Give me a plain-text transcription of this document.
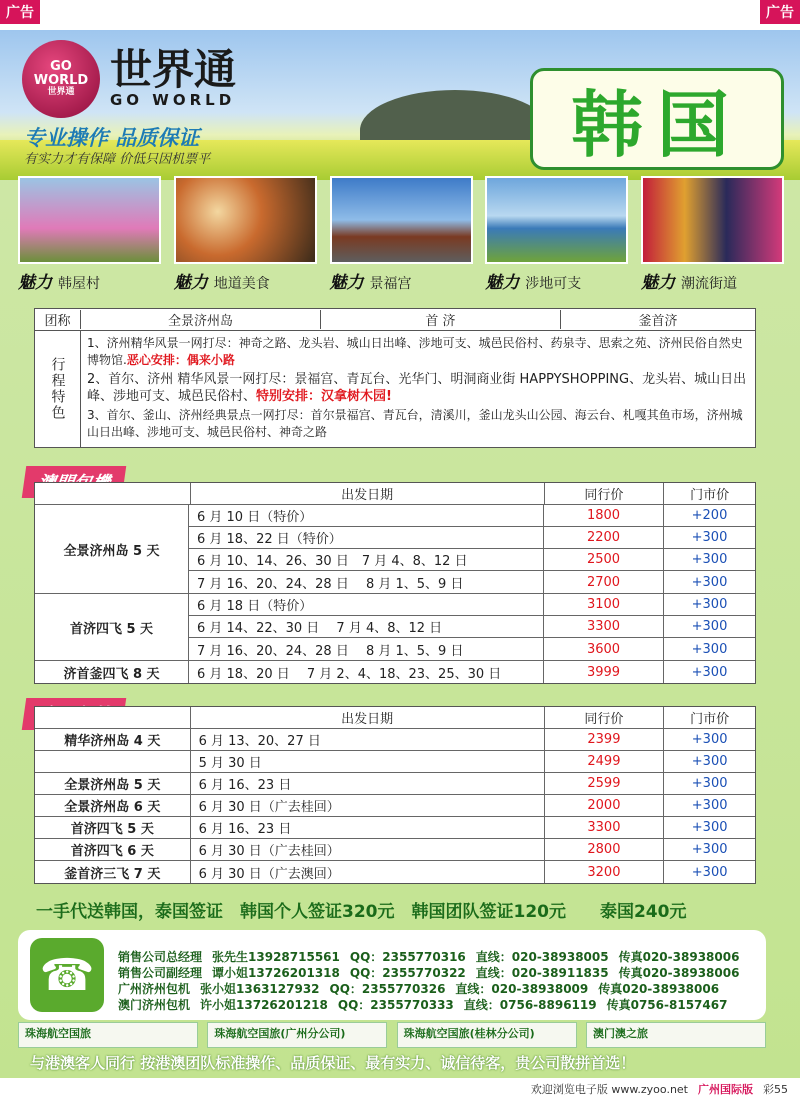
广告	广告
GO
WORLD
世界通 世界通
GO WORLD	韩国
专业操作 品质保证
有实力才有保障 价低只因机票平
魅力 韩屋村	魅力 地道美食	魅力 景福宫	魅力 涉地可支	魅力 潮流街道
团称	全景济州岛	首 济	釜首济
行程特色

1、济州精华风景一网打尽：神奇之路、龙头岩、城山日出峰、涉地可支、城邑民俗村、药泉寺、思索之苑、济州民俗自然史博物馆.恶心安排：偶来小路

2、首尔、济州 精华风景一网打尽：景福宫、青瓦台、光华门、明洞商业街 HAPPYSHOPPING、龙头岩、城山日出峰、涉地可支、城邑民俗村、特别安排：汉拿树木园!

3、首尔、釜山、济州经典景点一网打尽：首尔景福宫、青瓦台，清溪川，釜山龙头山公园、海云台、札嘎其鱼市场，济州城山日出峰、涉地可支、城邑民俗村、神奇之路

出发日期	同行价	门市价
全景济州岛 5 天
6 月 10 日（特价）	1800	+200
6 月 18、22 日（特价）	2200	+300
6 月 10、14、26、30 日　7 月 4、8、12 日	2500	+300
7 月 16、20、24、28 日　 8 月 1、5、9 日	2700	+300
首济四飞 5 天
6 月 18 日（特价）	3100	+300
6 月 14、22、30 日　 7 月 4、8、12 日	3300	+300
7 月 16、20、24、28 日　 8 月 1、5、9 日	3600	+300
济首釜四飞 8 天	6 月 18、20 日　 7 月 2、4、18、23、25、30 日	3999	+300
出发日期	同行价	门市价
精华济州岛 4 天	6 月 13、20、27 日	2399	+300
5 月 30 日	2499	+300
全景济州岛 5 天	6 月 16、23 日	2599	+300
全景济州岛 6 天	6 月 30 日（广去桂回）	2000	+300
首济四飞 5 天	6 月 16、23 日	3300	+300
首济四飞 6 天	6 月 30 日（广去桂回）	2800	+300
釜首济三飞 7 天	6 月 30 日（广去澳回）	3200	+300
一手代送韩国，泰国签证　韩国个人签证320元　韩国团队签证120元　　泰国240元
☎	销售公司总经理 张先生13928715561 QQ：2355770316 直线：020-38938005 传真020-38938006
销售公司副经理 谭小姐13726201318 QQ：2355770322 直线：020-38911835 传真020-38938006
广州济州包机 张小姐1363127932 QQ：2355770326 直线：020-38938009 传真020-38938006
澳门济州包机 许小姐13726201218 QQ：2355770333 直线：0756-8896119 传真0756-8157467
珠海航空国旅	珠海航空国旅(广州分公司)	珠海航空国旅(桂林分公司)	澳门澳之旅
与港澳客人同行 按港澳团队标准操作、品质保证、最有实力、诚信待客，贵公司散拼首选！
欢迎浏览电子版 www.zyoo.net 广州国际版 彩55
